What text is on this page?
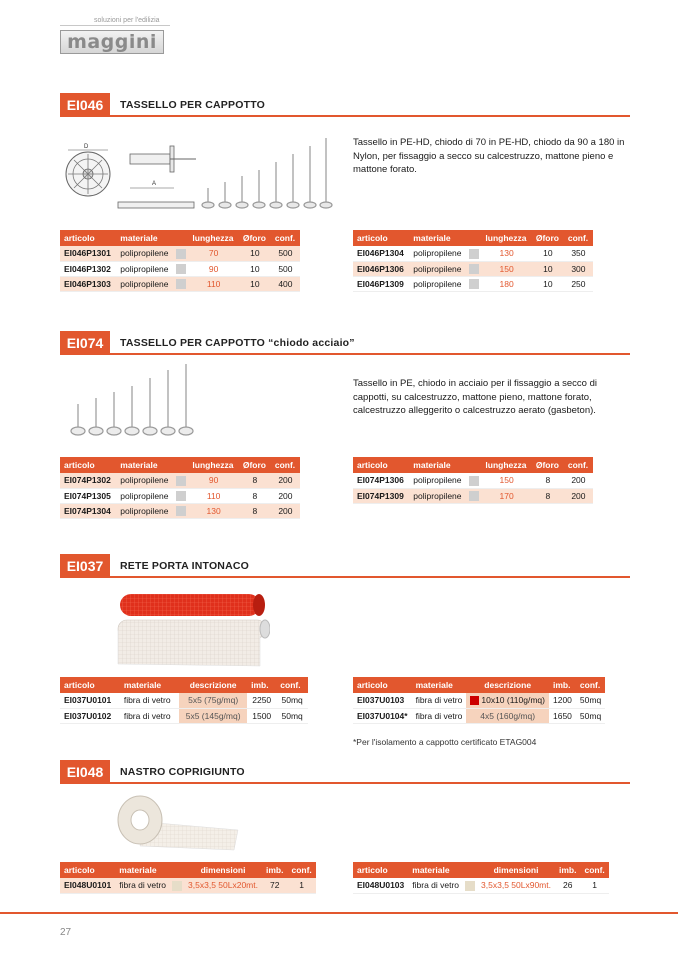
soluzioni per l'edilizia
maggini
EI046	TASSELLO PER CAPPOTTO
D
A
Tassello in PE-HD, chiodo di 70 in PE-HD, chiodo da 90 a 180 in Nylon, per fissaggio a secco su calcestruzzo, mattone pieno e mattone forato.
articolo	materiale		lunghezza	Øforo	conf.
EI046P1301	polipropilene		70	10	500
EI046P1302	polipropilene		90	10	500
EI046P1303	polipropilene		110	10	400
articolo	materiale		lunghezza	Øforo	conf.
EI046P1304	polipropilene		130	10	350
EI046P1306	polipropilene		150	10	300
EI046P1309	polipropilene		180	10	250
EI074	TASSELLO PER CAPPOTTO “chiodo acciaio”
Tassello in PE, chiodo in acciaio per il fissaggio a secco di cappotti, su calcestruzzo, mattone pieno, mattone forato, calcestruzzo alleggerito o calcestruzzo aerato (gasbeton).
articolo	materiale		lunghezza	Øforo	conf.
EI074P1302	polipropilene		90	8	200
EI074P1305	polipropilene		110	8	200
EI074P1304	polipropilene		130	8	200
articolo	materiale		lunghezza	Øforo	conf.
EI074P1306	polipropilene		150	8	200
EI074P1309	polipropilene		170	8	200
EI037	RETE PORTA INTONACO
articolo	materiale	descrizione	imb.	conf.
EI037U0101	fibra di vetro	5x5 (75g/mq)	2250	50mq
EI037U0102	fibra di vetro	5x5 (145g/mq)	1500	50mq
articolo	materiale	descrizione	imb.	conf.
EI037U0103	fibra di vetro	10x10 (110g/mq)	1200	50mq
EI037U0104*	fibra di vetro	4x5 (160g/mq)	1650	50mq
*Per l'isolamento a cappotto certificato ETAG004
EI048	NASTRO COPRIGIUNTO
articolo	materiale		dimensioni	imb.	conf.
EI048U0101	fibra di vetro		3,5x3,5 50Lx20mt.	72	1
articolo	materiale		dimensioni	imb.	conf.
EI048U0103	fibra di vetro		3,5x3,5 50Lx90mt.	26	1
27
